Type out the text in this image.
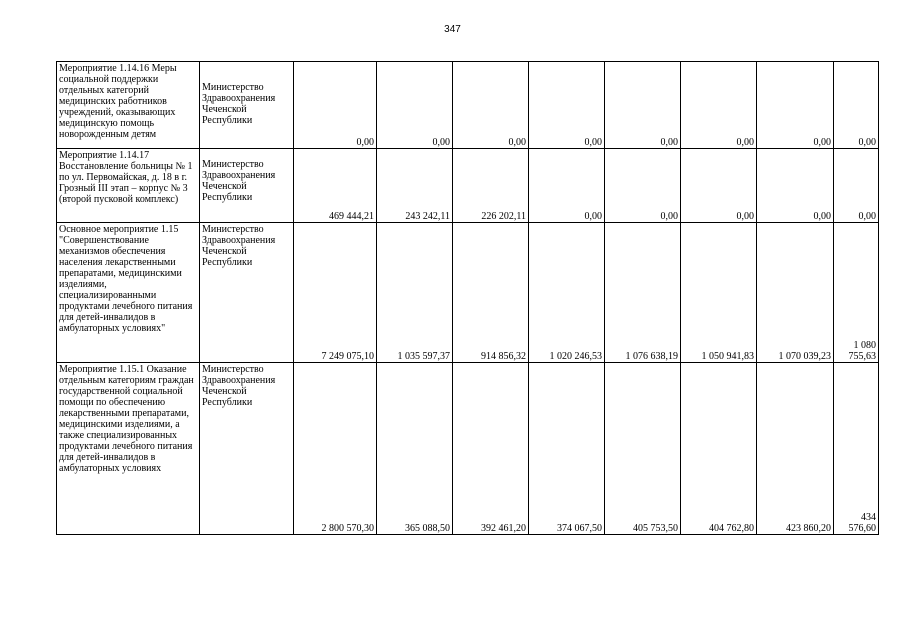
347
Мероприятие 1.14.16 Меры социальной поддержки отдельных категорий медицинских работников учреждений, оказывающих медицинскую помощь новорожденным детям	Министерство Здравоохранения Чеченской Республики	0,00	0,00	0,00	0,00	0,00	0,00	0,00	0,00
Мероприятие 1.14.17 Восстановление больницы № 1 по ул. Первомайская, д. 18 в г. Грозный III этап – корпус № 3 (второй пусковой комплекс)	Министерство Здравоохранения Чеченской Республики	469 444,21	243 242,11	226 202,11	0,00	0,00	0,00	0,00	0,00
Основное мероприятие 1.15 "Совершенствование механизмов обеспечения населения лекарственными препаратами, медицинскими изделиями, специализированными продуктами лечебного питания для детей-инвалидов в амбулаторных условиях"	Министерство Здравоохранения Чеченской Республики	7 249 075,10	1 035 597,37	914 856,32	1 020 246,53	1 076 638,19	1 050 941,83	1 070 039,23	1 080
755,63
Мероприятие 1.15.1 Оказание отдельным категориям граждан государственной социальной помощи по обеспечению лекарственными препаратами, медицинскими изделиями, а также специализированных продуктами лечебного питания для детей-инвалидов в амбулаторных условиях	Министерство Здравоохранения Чеченской Республики	2 800 570,30	365 088,50	392 461,20	374 067,50	405 753,50	404 762,80	423 860,20	434
576,60
